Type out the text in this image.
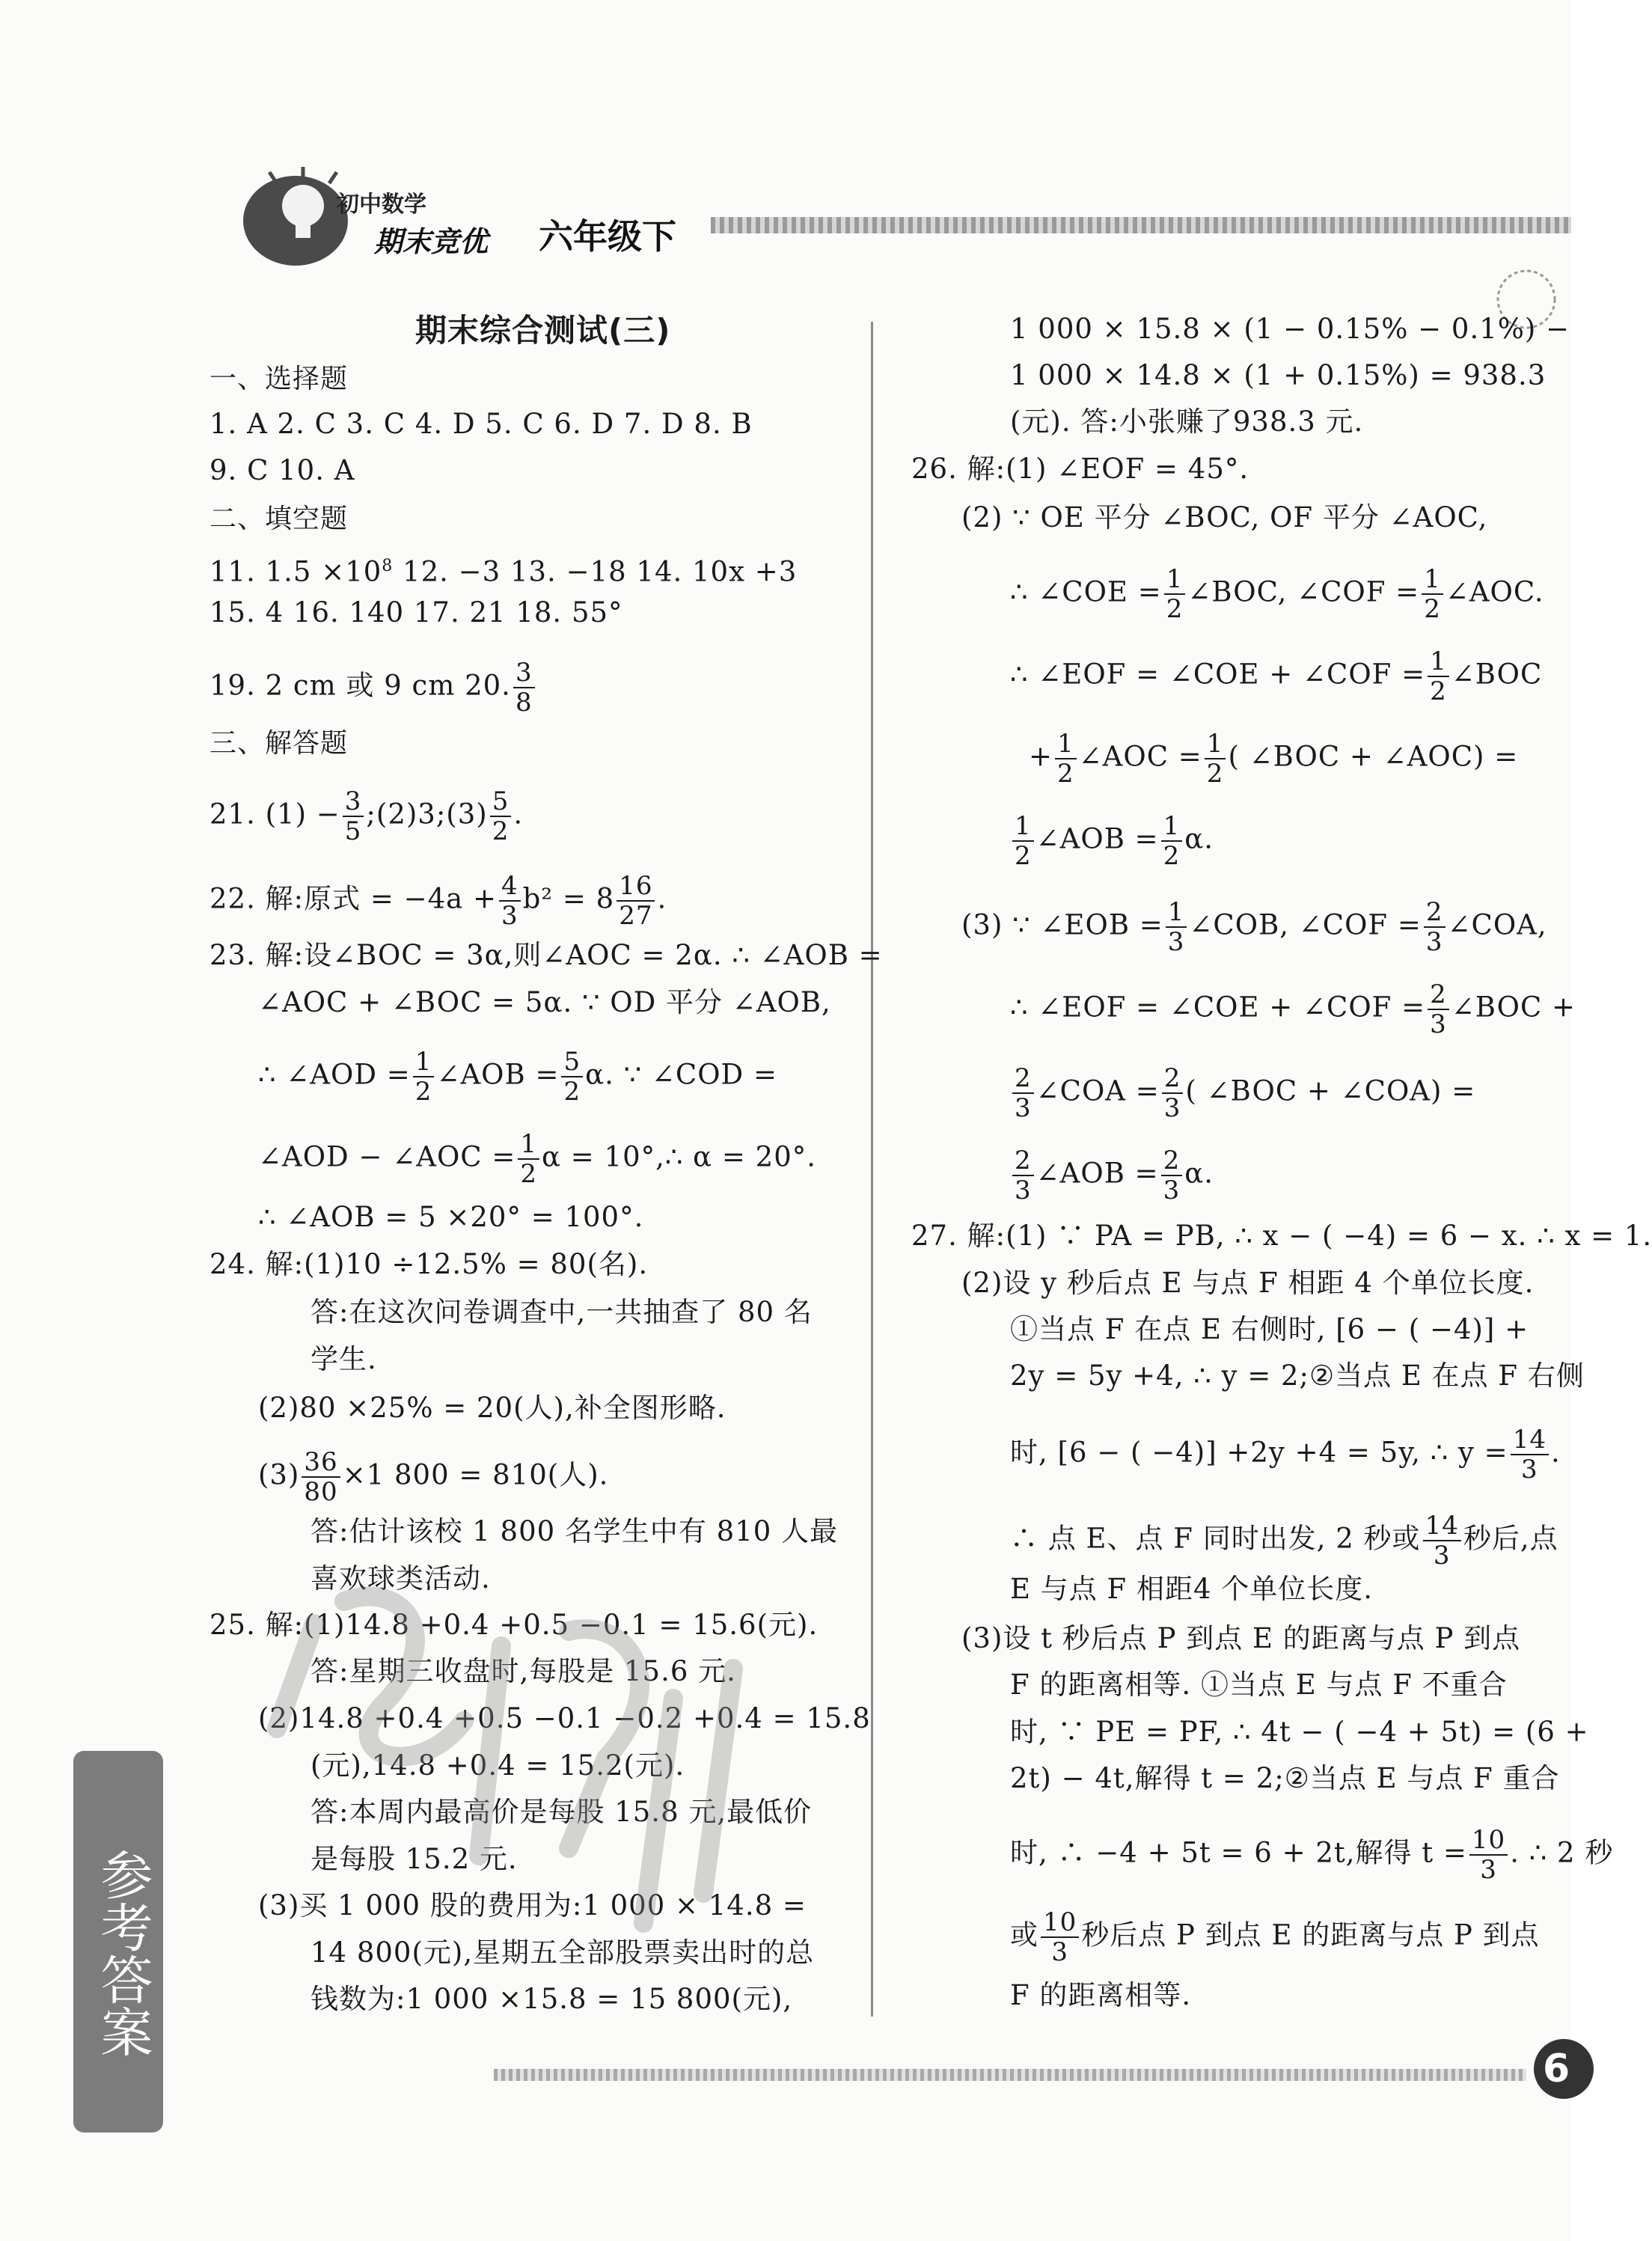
初中数学
期末竞优 六年级下
期末综合测试(三)
一、选择题
1. A 2. C 3. C 4. D 5. C 6. D 7. D 8. B
9. C 10. A
二、填空题
11. $1.5 \times 10^8$ 12. −3 13. −18 14. 10x +3
15. 4 16. 140 17. 21 18. 55°
19. 2 cm 或 9 cm 20. $\frac{3}{8}$
三、解答题
21. $(1) - \frac{3}{5}$ ;(2)3;(3) $\frac{5}{2}$ .
22. 解:原式 = $-4a + \frac{4}{3} b^2 = 8 \frac{16}{27}$ .
23. 解:设∠BOC = 3α,则∠AOC = 2α. ∴ ∠AOB =
∠AOC + ∠BOC = 5α. ∵ OD 平分 ∠AOB,
∴ ∠AOD = $\frac{1}{2}$ ∠AOB = $\frac{5}{2} \alpha$. ∵ ∠COD =
∠AOD − ∠AOC = $\frac{1}{2}$ α = 10°,∴ α = 20°.
∴ ∠AOB = 5 ×20° = 100°.
24. 解:(1)10 ÷12.5% = 80(名).
答:在这次问卷调查中,一共抽查了 80 名
学生.
(2)80 ×25% = 20(人),补全图形略.
$(3) \frac{36}{80} \times 1$ 800 = 810(人).
答:估计该校 1 800 名学生中有 810 人最
喜欢球类活动.
25. 解:(1)14.8 +0.4 +0.5 −0.1 = 15.6(元).
答:星期三收盘时,每股是 15.6 元.
(2)14.8 +0.4 +0.5 −0.1 −0.2 +0.4 = 15.8
(元),14.8 +0.4 = 15.2(元).
答:本周内最高价是每股 15.8 元,最低价
是每股 15.2 元.
(3)买 1 000 股的费用为:1 000 × 14.8 =
14 800(元),星期五全部股票卖出时的总
钱数为:1 000 ×15.8 = 15 800(元),
1 000 × 15.8 × (1 − 0.15% − 0.1%) −
1 000 × 14.8 × (1 + 0.15%) = 938.3
(元). 答:小张赚了938.3 元.
26. 解:(1) ∠EOF = 45°.
(2) ∵ OE 平分 ∠BOC, OF 平分 ∠AOC,
∴ ∠COE = $\frac{1}{2}$ ∠BOC, ∠COF = $\frac{1}{2}$ ∠AOC.
∴ ∠EOF = ∠COE + ∠COF = $\frac{1}{2}$ ∠BOC
+ $\frac{1}{2}$ ∠AOC = $\frac{1}{2}$ ( ∠BOC + ∠AOC) =
$\frac{1}{2}$ ∠AOB = $\frac{1}{2} \alpha$.
(3) ∵ ∠EOB = $\frac{1}{3}$ ∠COB, ∠COF = $\frac{2}{3}$ ∠COA,
∴ ∠EOF = ∠COE + ∠COF = $\frac{2}{3}$ ∠BOC +
$\frac{2}{3}$ ∠COA = $\frac{2}{3}$ ( ∠BOC + ∠COA) =
$\frac{2}{3}$ ∠AOB = $\frac{2}{3} \alpha$.
27. 解:(1) ∵ PA = PB, ∴ x − ( −4) = 6 − x. ∴ x = 1.
(2)设 y 秒后点 E 与点 F 相距 4 个单位长度.
①当点 F 在点 E 右侧时, [6 − ( −4)] +
2y = 5y +4, ∴ y = 2;②当点 E 在点 F 右侧
时, [6 − ( −4)] +2y +4 = 5y, ∴ $y = \frac{14}{3}$ .
∴ 点 E、点 F 同时出发, 2 秒或 $\frac{14}{3}$ 秒后,点
E 与点 F 相距4 个单位长度.
(3)设 t 秒后点 P 到点 E 的距离与点 P 到点
F 的距离相等. ①当点 E 与点 F 不重合
时, ∵ PE = PF, ∴ 4t − ( −4 + 5t) = (6 +
2t) − 4t,解得 t = 2;②当点 E 与点 F 重合
时, ∴ −4 + 5t = 6 + 2t,解得 $t = \frac{10}{3}$ . ∴ 2 秒
或 $\frac{10}{3}$ 秒后点 P 到点 E 的距离与点 P 到点
F 的距离相等.
参考答案
6
